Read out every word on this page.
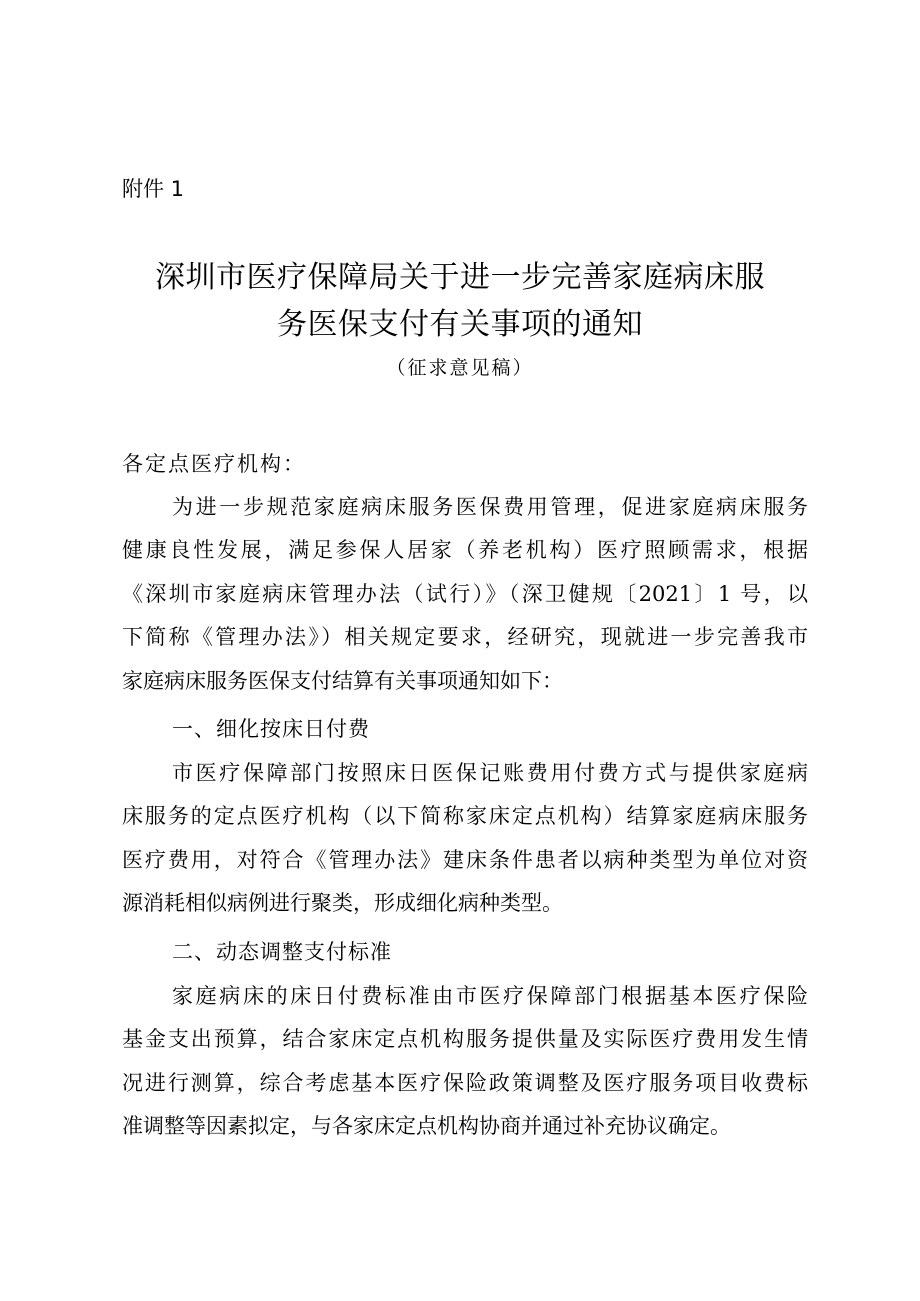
附件 1
深圳市医疗保障局关于进一步完善家庭病床服
务医保支付有关事项的通知
（征求意见稿）
各定点医疗机构：
为进一步规范家庭病床服务医保费用管理，促进家庭病床服务
健康良性发展，满足参保人居家（养老机构）医疗照顾需求，根据
《深圳市家庭病床管理办法（试行）》（深卫健规〔2021〕1 号，以
下简称《管理办法》）相关规定要求，经研究，现就进一步完善我市
家庭病床服务医保支付结算有关事项通知如下：
一、细化按床日付费
市医疗保障部门按照床日医保记账费用付费方式与提供家庭病
床服务的定点医疗机构（以下简称家床定点机构）结算家庭病床服务
医疗费用，对符合《管理办法》建床条件患者以病种类型为单位对资
源消耗相似病例进行聚类，形成细化病种类型。
二、动态调整支付标准
家庭病床的床日付费标准由市医疗保障部门根据基本医疗保险
基金支出预算，结合家床定点机构服务提供量及实际医疗费用发生情
况进行测算，综合考虑基本医疗保险政策调整及医疗服务项目收费标
准调整等因素拟定，与各家床定点机构协商并通过补充协议确定。
